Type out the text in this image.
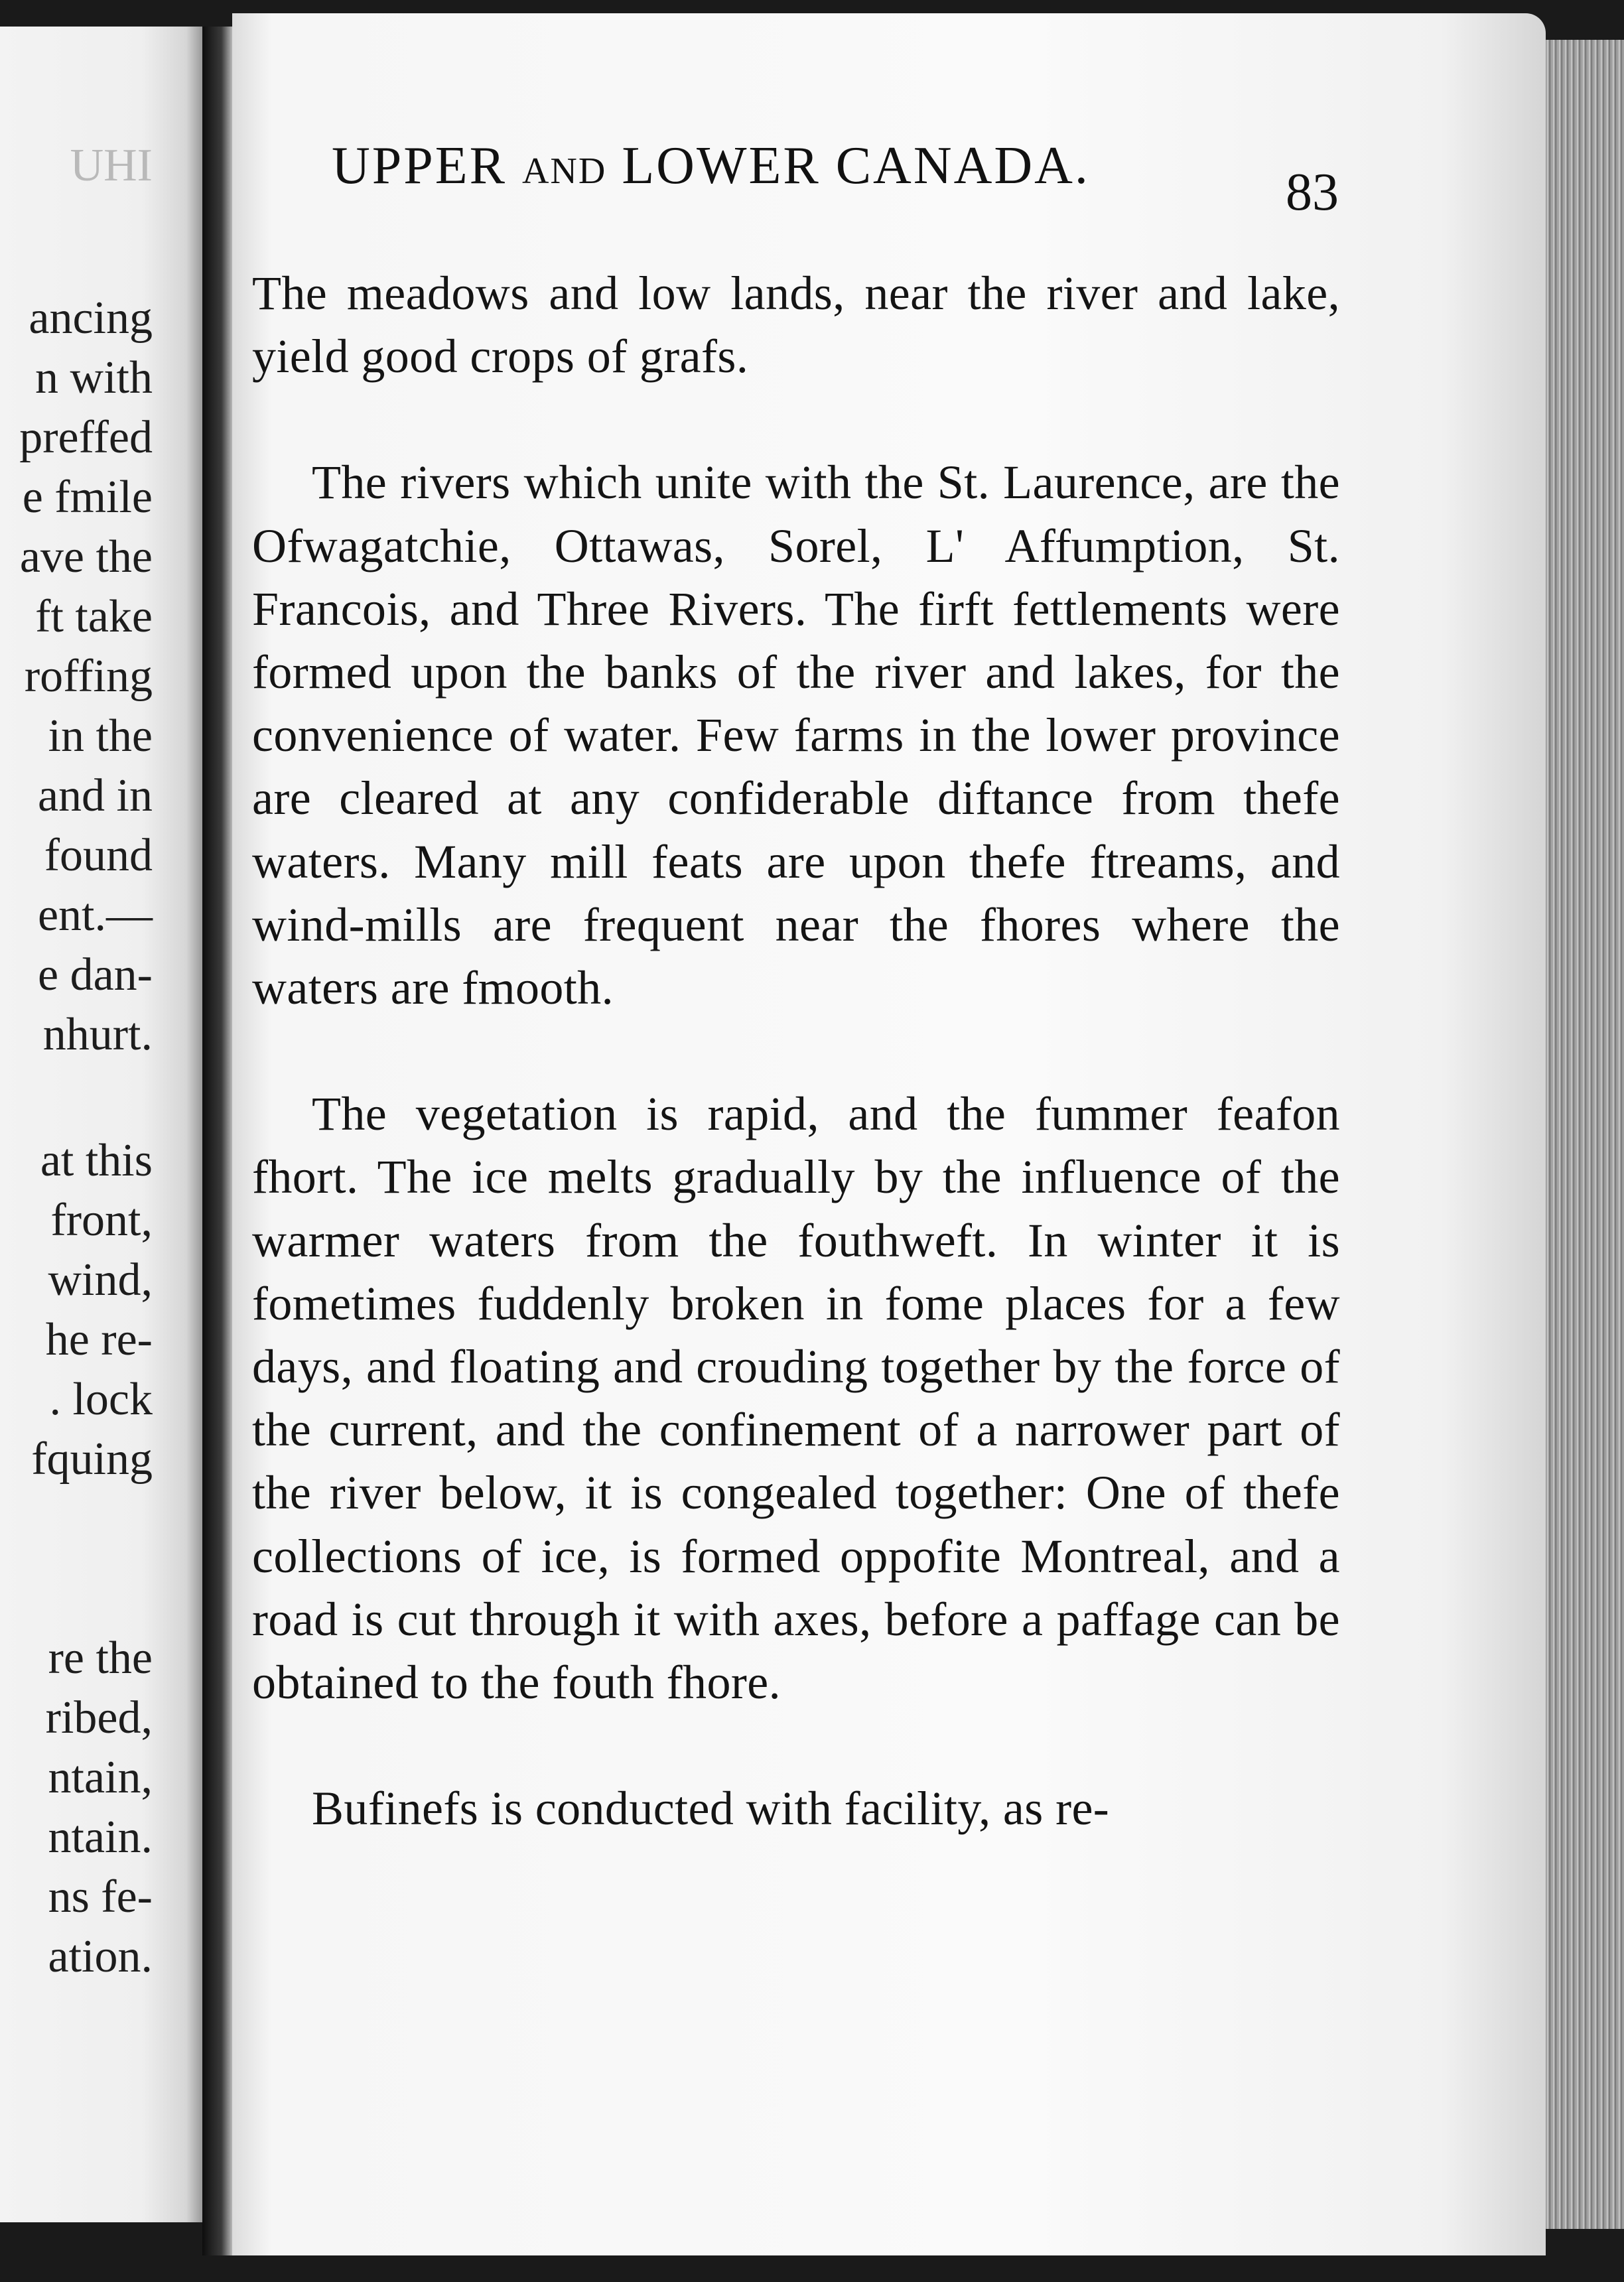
UHI

ancing

n with

preffed

e fmile

ave the

ft take

roffing

in the

and in

found

ent.—

e dan-

nhurt.

at this

front,

wind,

he re-

. lock

fquing

re the

ribed,

ntain,

ntain.

ns fe-

ation.

UPPER AND LOWER CANADA.	83

The meadows and low lands, near the river and lake, yield good crops of grafs.

The rivers which unite with the St. Laurence, are the Ofwagatchie, Ottawas, Sorel, L' Affumption, St. Francois, and Three Rivers. The firft fettlements were formed upon the banks of the river and lakes, for the convenience of water. Few farms in the lower province are cleared at any confiderable diftance from thefe waters. Many mill feats are upon thefe ftreams, and wind-mills are frequent near the fhores where the waters are fmooth.

The vegetation is rapid, and the fummer feafon fhort. The ice melts gradually by the influence of the warmer waters from the fouthweft. In winter it is fometimes fuddenly broken in fome places for a few days, and floating and crouding together by the force of the current, and the confinement of a narrower part of the river below, it is congealed together: One of thefe collections of ice, is formed oppofite Montreal, and a road is cut through it with axes, before a paffage can be obtained to the fouth fhore.

Bufinefs is conducted with facility, as re-
